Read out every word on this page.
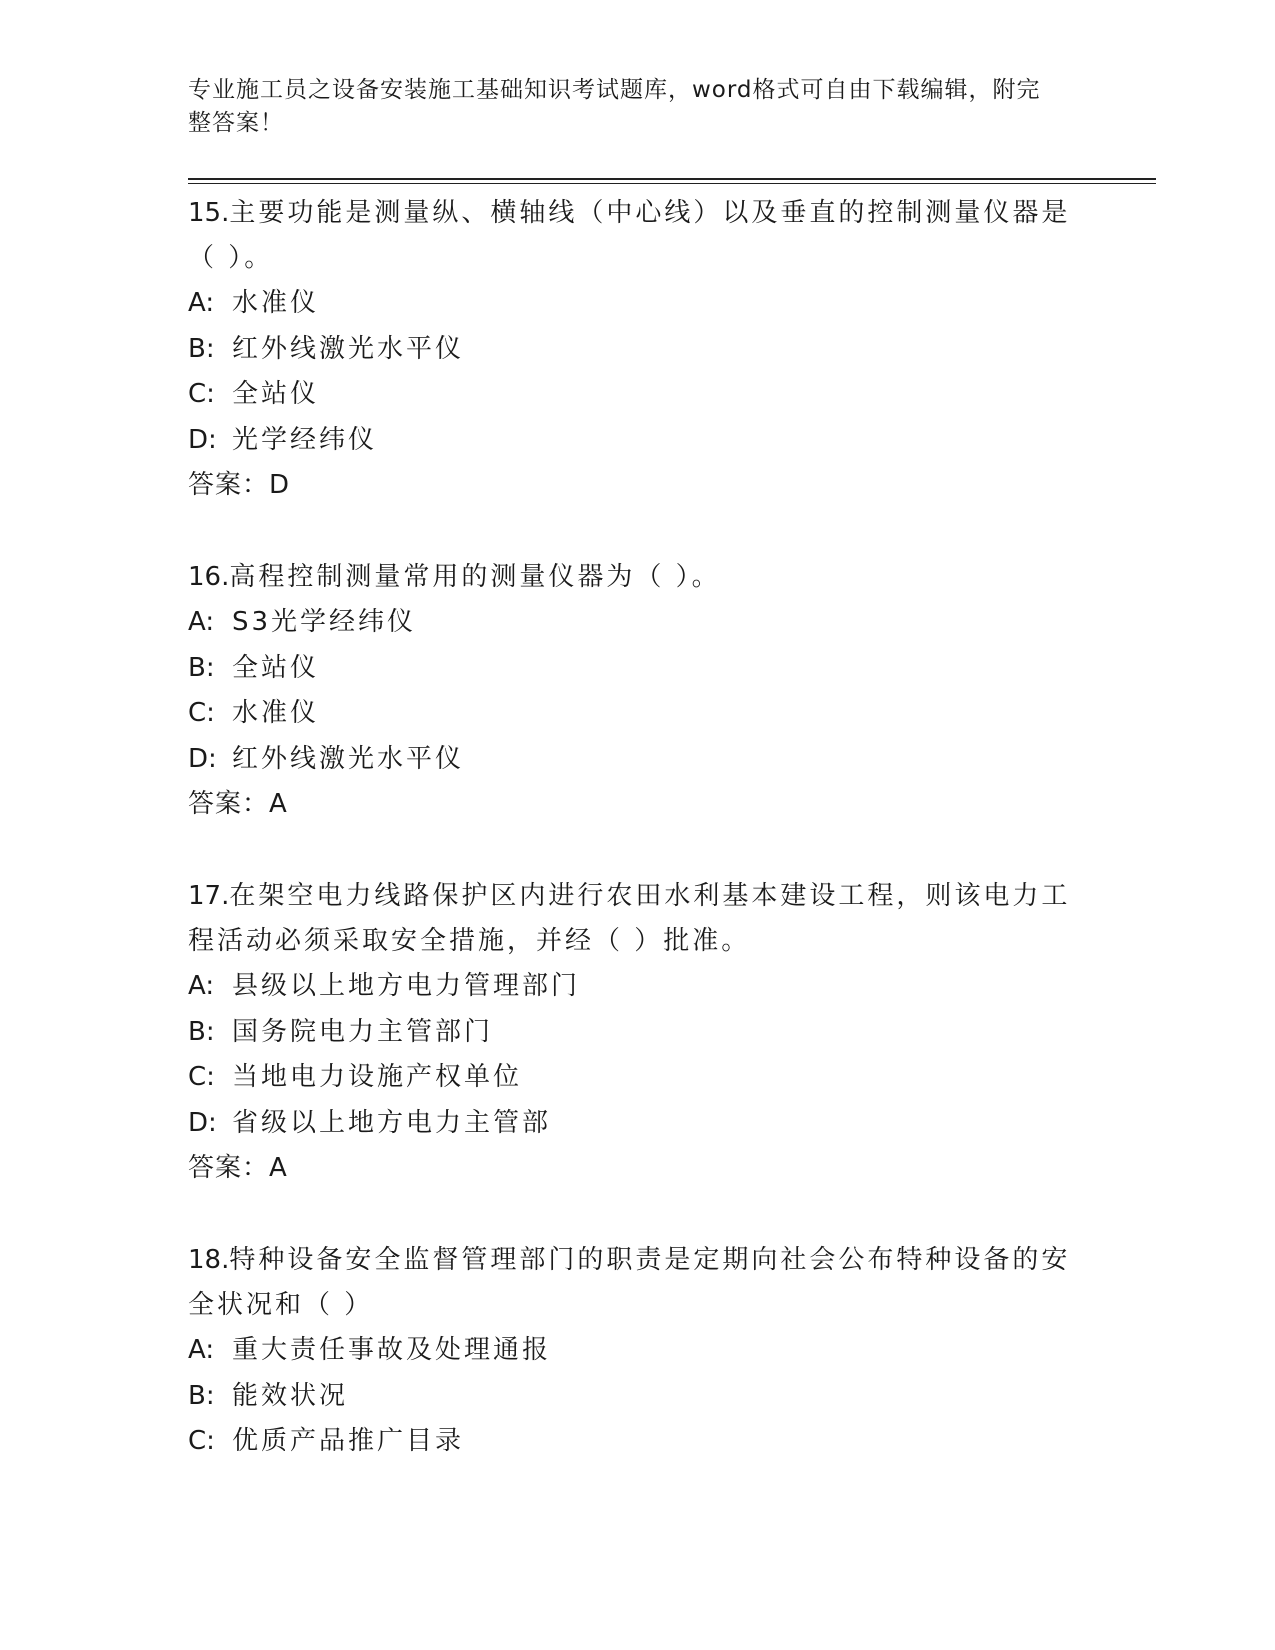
专业施工员之设备安装施工基础知识考试题库，word格式可自由下载编辑，附完整答案！
15.主要功能是测量纵、横轴线（中心线）以及垂直的控制测量仪器是（ ）。
A: 水准仪
B: 红外线激光水平仪
C: 全站仪
D: 光学经纬仪
答案：D
16.高程控制测量常用的测量仪器为（ ）。
A: S3光学经纬仪
B: 全站仪
C: 水准仪
D: 红外线激光水平仪
答案：A
17.在架空电力线路保护区内进行农田水利基本建设工程，则该电力工程活动必须采取安全措施，并经（ ）批准。
A: 县级以上地方电力管理部门
B: 国务院电力主管部门
C: 当地电力设施产权单位
D: 省级以上地方电力主管部
答案：A
18.特种设备安全监督管理部门的职责是定期向社会公布特种设备的安全状况和（ ）
A: 重大责任事故及处理通报
B: 能效状况
C: 优质产品推广目录
